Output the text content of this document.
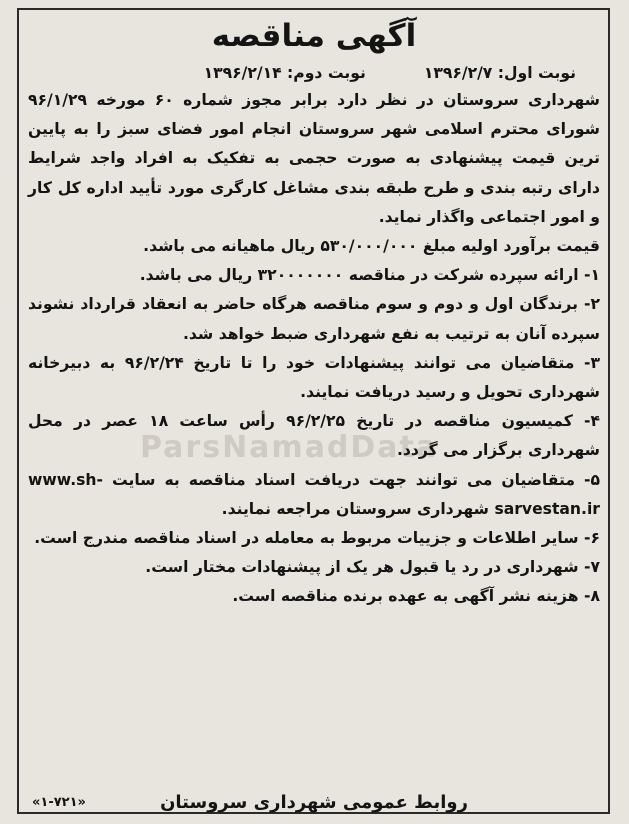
ParsNamadData
آگهی مناقصه
نوبت اول: ۱۳۹۶/۲/۷
نوبت دوم: ۱۳۹۶/۲/۱۴

شهرداری سروستان در نظر دارد برابر مجوز شماره ۶۰ مورخه ۹۶/۱/۲۹ شورای محترم اسلامی شهر سروستان انجام امور فضای سبز را به پایین ترین قیمت پیشنهادی به صورت حجمی به تفکیک به افراد واجد شرایط دارای رتبه بندی و طرح طبقه بندی مشاغل کارگری مورد تأیید اداره کل کار و امور اجتماعی واگذار نماید.

قیمت برآورد اولیه مبلغ ۵۳۰/۰۰۰/۰۰۰ ریال ماهیانه می باشد.

۱- ارائه سپرده شرکت در مناقصه ۳۲۰۰۰۰۰۰۰ ریال می باشد.

۲- برندگان اول و دوم و سوم مناقصه هرگاه حاضر به انعقاد قرارداد نشوند سپرده آنان به ترتیب به نفع شهرداری ضبط خواهد شد.

۳- متقاضیان می توانند پیشنهادات خود را تا تاریخ ۹۶/۲/۲۴ به دبیرخانه شهرداری تحویل و رسید دریافت نمایند.

۴- کمیسیون مناقصه در تاریخ ۹۶/۲/۲۵ رأس ساعت ۱۸ عصر در محل شهرداری برگزار می گردد.

۵- متقاضیان می توانند جهت دریافت اسناد مناقصه به سایت www.sh-sarvestan.ir شهرداری سروستان مراجعه نمایند.

۶- سایر اطلاعات و جزییات مربوط به معامله در اسناد مناقصه مندرج است.

۷- شهرداری در رد یا قبول هر یک از پیشنهادات مختار است.

۸- هزینه نشر آگهی به عهده برنده مناقصه است.

روابط عمومی شهرداری سروستان
«۱-۷۲۱»
